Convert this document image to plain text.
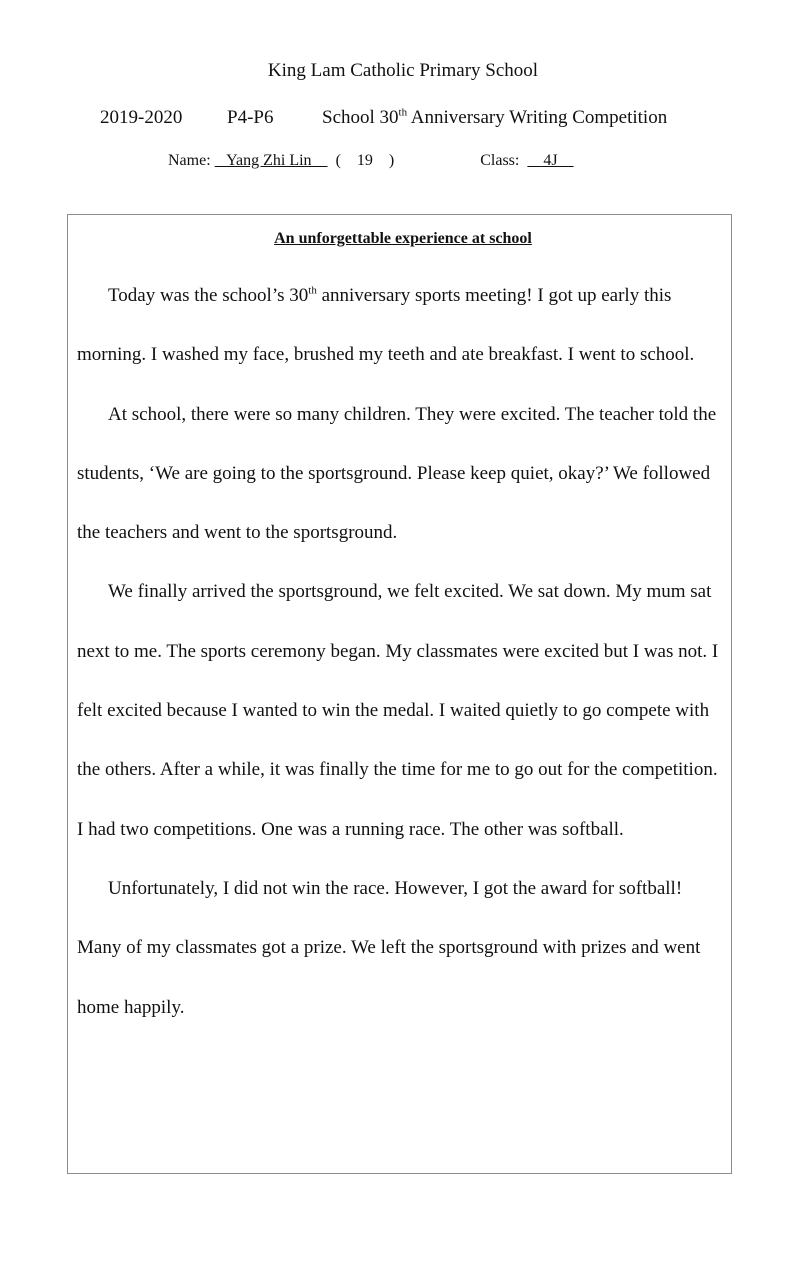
King Lam Catholic Primary School
2019-2020 P4-P6	School 30th Anniversary Writing Competition
Name:    Yang Zhi Lin     (    19    )	Class:     4J
An unforgettable experience at school

Today was the school’s 30th anniversary sports meeting! I got up early this morning. I washed my face, brushed my teeth and ate breakfast. I went to school.

At school, there were so many children. They were excited. The teacher told the students, ‘We are going to the sportsground. Please keep quiet, okay?’ We followed the teachers and went to the sportsground.

We finally arrived the sportsground, we felt excited. We sat down. My mum sat next to me. The sports ceremony began. My classmates were excited but I was not. I felt excited because I wanted to win the medal. I waited quietly to go compete with the others. After a while, it was finally the time for me to go out for the competition. I had two competitions. One was a running race. The other was softball.

Unfortunately, I did not win the race. However, I got the award for softball! Many of my classmates got a prize. We left the sportsground with prizes and went home happily.
